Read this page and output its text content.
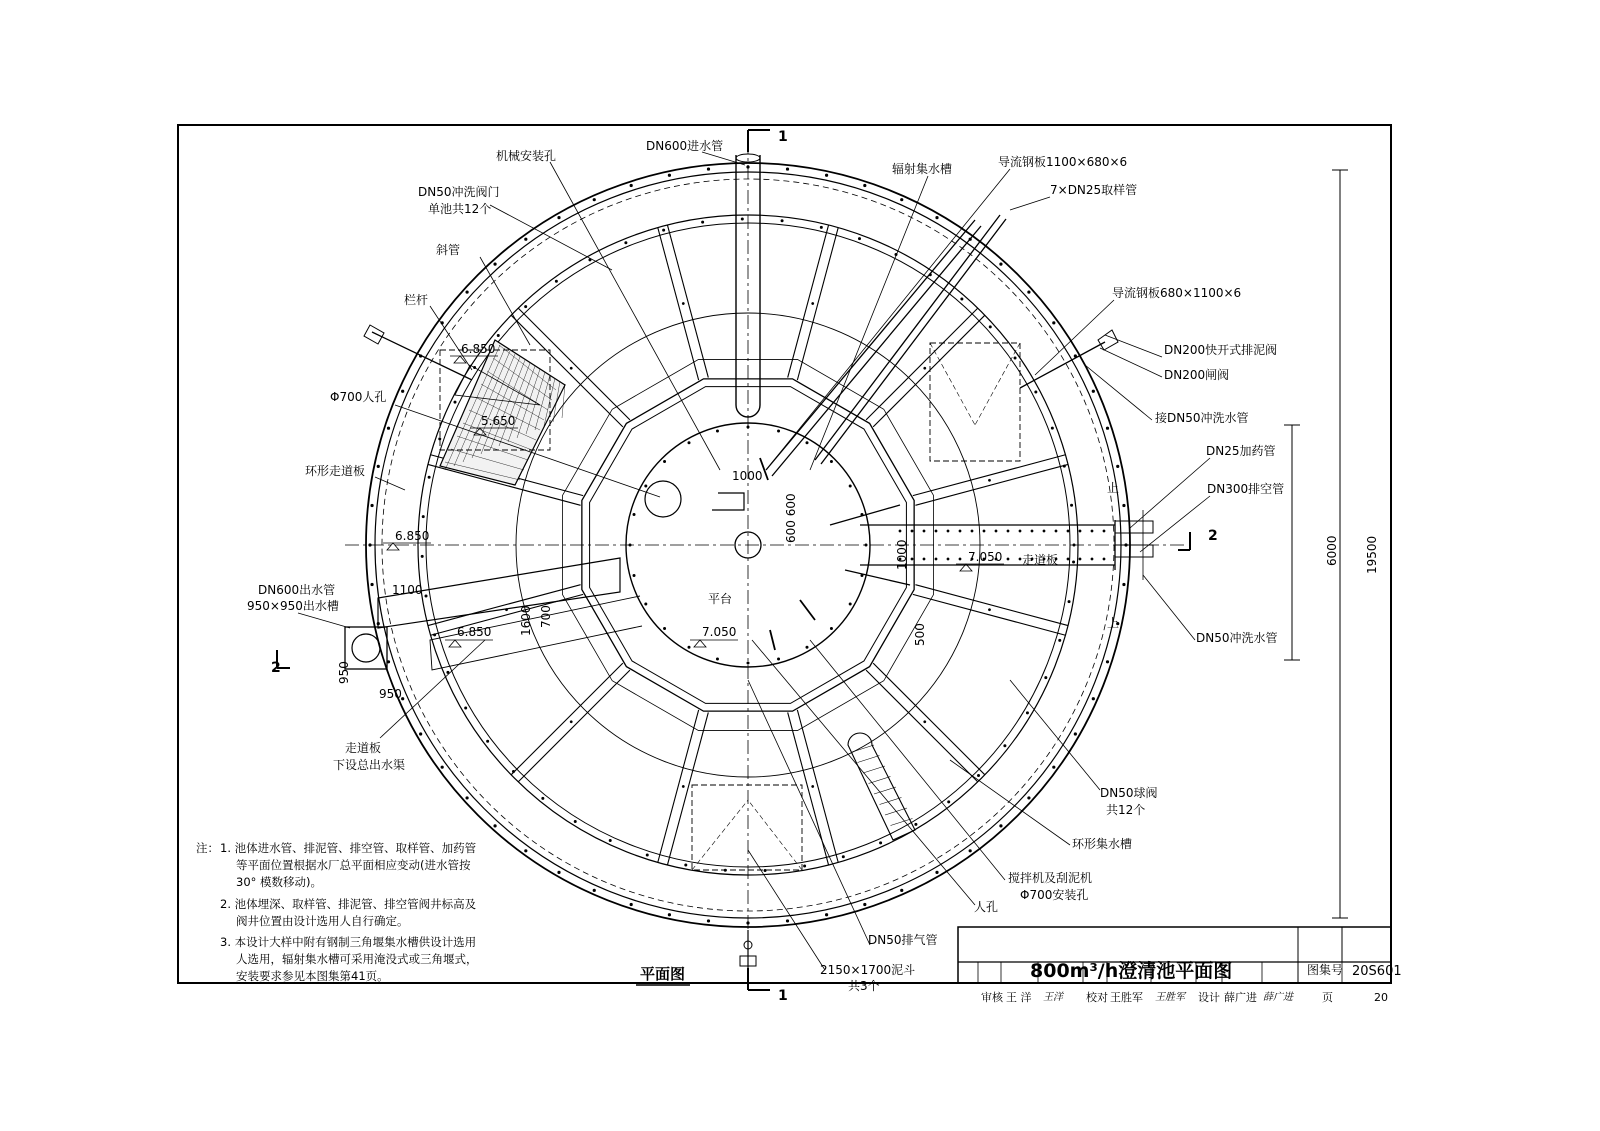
DN600进水管
机械安装孔
辐射集水槽	导流钢板1100×680×6
7×DN25取样管
DN50冲洗阀门
单池共12个
斜管
栏杆	导流钢板680×1100×6
DN200快开式排泥阀
DN200闸阀
接DN50冲洗水管
Φ700人孔
环形走道板
DN25加药管
DN300排空管
DN600出水管
950×950出水槽
DN50冲洗水管
走道板
下设总出水渠
平台
走道板
DN50球阀
共12个
环形集水槽
搅拌机及刮泥机
Φ700安装孔
人孔
DN50排气管
2150×1700泥斗
共3个
上
上
6.850
5.650
6.850
6.850
7.050
7.050
1000
600 600
1000
1100
1600 700
950
950
500
6000 19500
1
1
2
2
注： 1. 池体进水管、排泥管、排空管、取样管、加药管
等平面位置根据水厂总平面相应变动(进水管按
30° 模数移动)。
2. 池体埋深、取样管、排泥管、排空管阀井标高及
阀井位置由设计选用人自行确定。
3. 本设计大样中附有钢制三角堰集水槽供设计选用
人选用，辐射集水槽可采用淹没式或三角堰式，
安装要求参见本图集第41页。	平面图	800m³/h澄清池平面图	图集号 20S601
审核 王 洋 王洋 校对 王胜军 王胜军 设计 薛广进 薛广进	页	20
